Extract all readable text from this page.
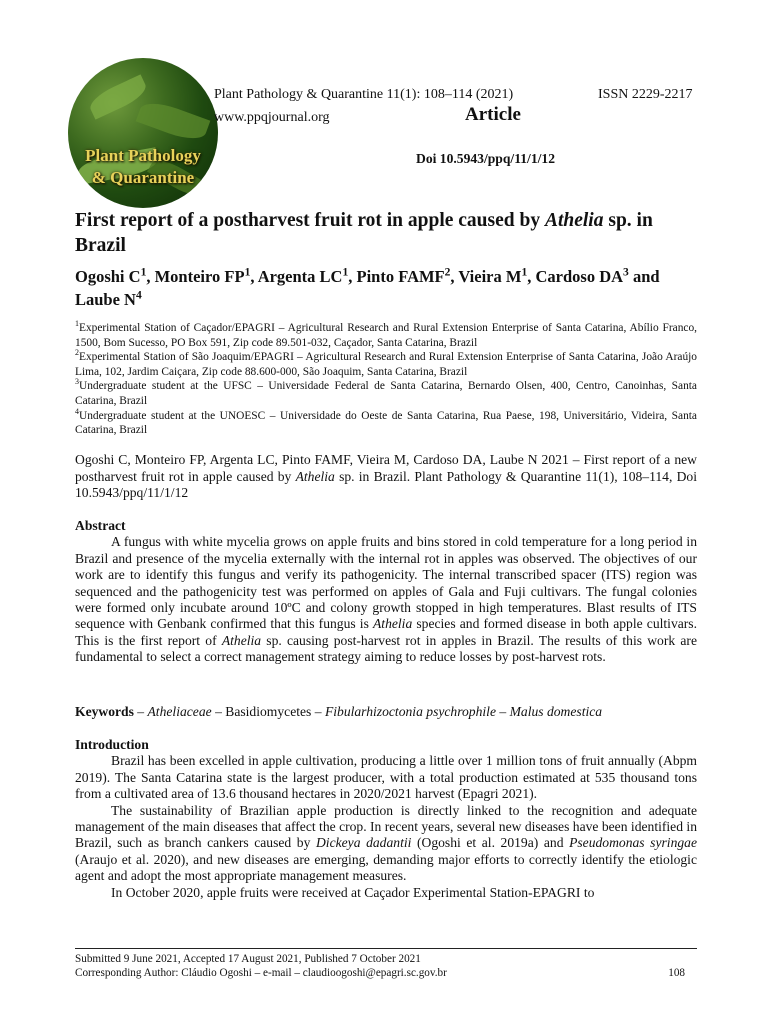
Plant Pathology
& Quarantine
Plant Pathology & Quarantine 11(1): 108–114 (2021)	ISSN 2229-2217
www.ppqjournal.org	Article
Doi 10.5943/ppq/11/1/12
First report of a postharvest fruit rot in apple caused by Athelia sp. in Brazil
Ogoshi $C^1$, Monteiro $FP^1$, Argenta $LC^1$, Pinto FAMF$^2$, Vieira $M^1$, Cardoso $DA^3$ and Laube $N^4$

$^1$Experimental Station of Caçador/EPAGRI – Agricultural Research and Rural Extension Enterprise of Santa Catarina, Abílio Franco, 1500, Bom Sucesso, PO Box 591, Zip code 89.501-032, Caçador, Santa Catarina, Brazil

$^2$Experimental Station of São Joaquim/EPAGRI – Agricultural Research and Rural Extension Enterprise of Santa Catarina, João Araújo Lima, 102, Jardim Caiçara, Zip code 88.600-000, São Joaquim, Santa Catarina, Brazil

$^3$Undergraduate student at the UFSC – Universidade Federal de Santa Catarina, Bernardo Olsen, 400, Centro, Canoinhas, Santa Catarina, Brazil

$^4$Undergraduate student at the UNOESC – Universidade do Oeste de Santa Catarina, Rua Paese, 198, Universitário, Videira, Santa Catarina, Brazil

Ogoshi C, Monteiro FP, Argenta LC, Pinto FAMF, Vieira M, Cardoso DA, Laube N 2021 – First report of a new postharvest fruit rot in apple caused by Athelia sp. in Brazil. Plant Pathology & Quarantine 11(1), 108–114, Doi 10.5943/ppq/11/1/12

Abstract

A fungus with white mycelia grows on apple fruits and bins stored in cold temperature for a long period in Brazil and presence of the mycelia externally with the internal rot in apples was observed. The objectives of our work are to identify this fungus and verify its pathogenicity. The internal transcribed spacer (ITS) region was sequenced and the pathogenicity test was performed on apples of Gala and Fuji cultivars. The fungal colonies were formed only incubate around 10ºC and colony growth stopped in high temperatures. Blast results of ITS sequence with Genbank confirmed that this fungus is Athelia species and formed disease in both apple cultivars. This is the first report of Athelia sp. causing post-harvest rot in apples in Brazil. The results of this work are fundamental to select a correct management strategy aiming to reduce losses by post-harvest rots.

Keywords – Atheliaceae – Basidiomycetes – Fibularhizoctonia psychrophile – Malus domestica

Introduction

Brazil has been excelled in apple cultivation, producing a little over 1 million tons of fruit annually (Abpm 2019). The Santa Catarina state is the largest producer, with a total production estimated at 535 thousand tons from a cultivated area of 13.6 thousand hectares in 2020/2021 harvest (Epagri 2021).

The sustainability of Brazilian apple production is directly linked to the recognition and adequate management of the main diseases that affect the crop. In recent years, several new diseases have been identified in Brazil, such as branch cankers caused by Dickeya dadantii (Ogoshi et al. 2019a) and Pseudomonas syringae (Araujo et al. 2020), and new diseases are emerging, demanding major efforts to correctly identify the etiologic agent and adopt the most appropriate management measures.

In October 2020, apple fruits were received at Caçador Experimental Station-EPAGRI to

Submitted 9 June 2021, Accepted 17 August 2021, Published 7 October 2021
Corresponding Author: Cláudio Ogoshi – e-mail – claudioogoshi@epagri.sc.gov.br	108
